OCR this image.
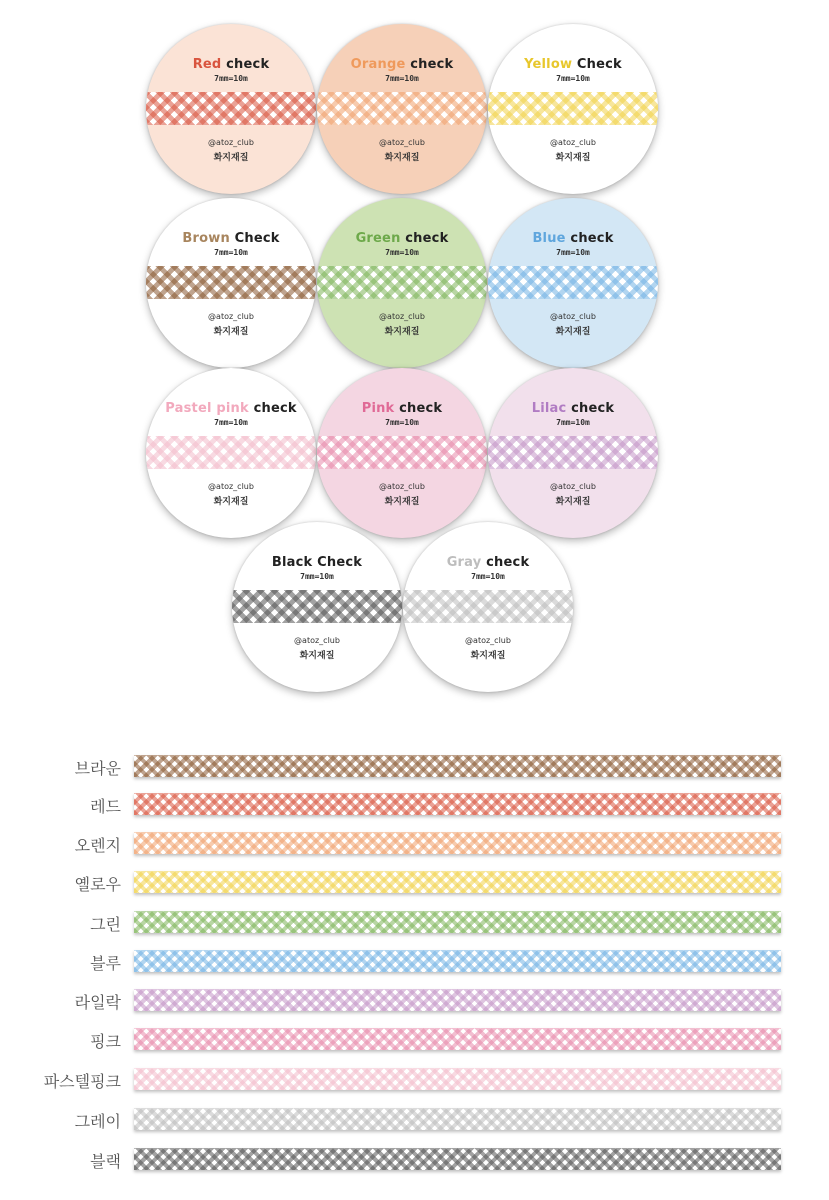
Red check
7mm=10m
@atoz_club
화지재질
Orange check
7mm=10m
@atoz_club
화지재질
Yellow Check
7mm=10m
@atoz_club
화지재질
Brown Check
7mm=10m
@atoz_club
화지재질
Green check
7mm=10m
@atoz_club
화지재질
Blue check
7mm=10m
@atoz_club
화지재질
Pastel pink check
7mm=10m
@atoz_club
화지재질
Pink check
7mm=10m
@atoz_club
화지재질
Lilac check
7mm=10m
@atoz_club
화지재질
Black Check
7mm=10m
@atoz_club
화지재질
Gray check
7mm=10m
@atoz_club
화지재질
브라운
레드
오렌지
옐로우
그린
블루
라일락
핑크
파스텔핑크
그레이
블랙
